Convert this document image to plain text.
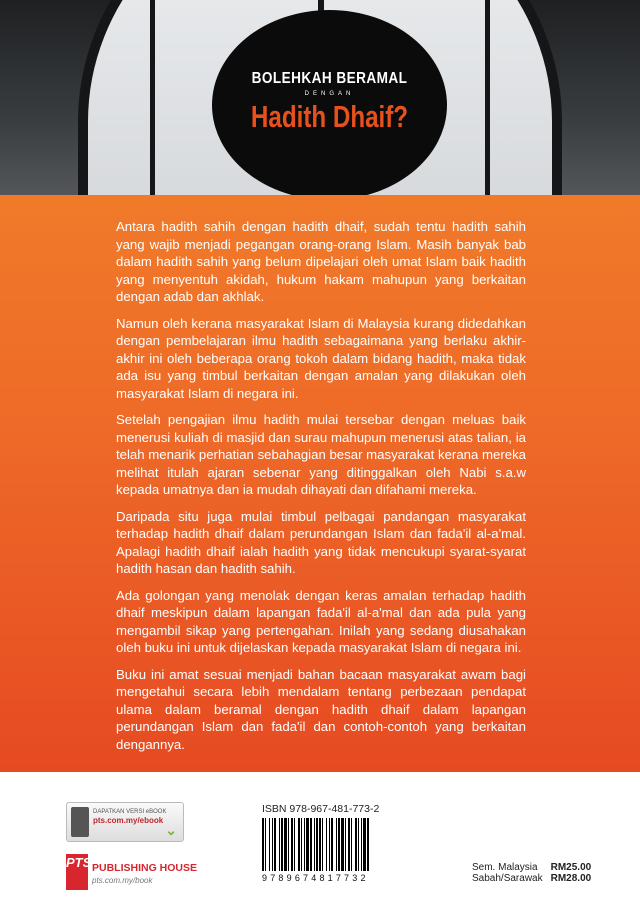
BOLEHKAH BERAMAL
DENGAN
Hadith Dhaif?

Antara hadith sahih dengan hadith dhaif, sudah tentu hadith sahih yang wajib menjadi pegangan orang-orang Islam. Masih banyak bab dalam hadith sahih yang belum dipelajari oleh umat Islam baik hadith yang menyentuh akidah, hukum hakam mahupun yang berkaitan dengan adab dan akhlak.

Namun oleh kerana masyarakat Islam di Malaysia kurang didedahkan dengan pembelajaran ilmu hadith sebagaimana yang berlaku akhir-akhir ini oleh beberapa orang tokoh dalam bidang hadith, maka tidak ada isu yang timbul berkaitan dengan amalan yang dilakukan oleh masyarakat Islam di negara ini.

Setelah pengajian ilmu hadith mulai tersebar dengan meluas baik menerusi kuliah di masjid dan surau mahupun menerusi atas talian, ia telah menarik perhatian sebahagian besar masyarakat kerana mereka melihat itulah ajaran sebenar yang ditinggalkan oleh Nabi s.a.w kepada umatnya dan ia mudah dihayati dan difahami mereka.

Daripada situ juga mulai timbul pelbagai pandangan masyarakat terhadap hadith dhaif dalam perundangan Islam dan fada'il al-a'mal. Apalagi hadith dhaif ialah hadith yang tidak mencukupi syarat-syarat hadith hasan dan hadith sahih.

Ada golongan yang menolak dengan keras amalan terhadap hadith dhaif meskipun dalam lapangan fada'il al-a'mal dan ada pula yang mengambil sikap yang pertengahan. Inilah yang sedang diusahakan oleh buku ini untuk dijelaskan kepada masyarakat Islam di negara ini.

Buku ini amat sesuai menjadi bahan bacaan masyarakat awam bagi mengetahui secara lebih mendalam tentang perbezaan pendapat ulama dalam beramal dengan hadith dhaif dalam lapangan perundangan Islam dan fada'il dan contoh-contoh yang berkaitan dengannya.

DAPATKAN VERSI eBOOK
pts.com.my/ebook
⌄
PTS PUBLISHING HOUSE
pts.com.my/book
ISBN 978-967-481-773-2
9789674817732
Sem. Malaysia	RM25.00
Sabah/Sarawak	RM28.00
